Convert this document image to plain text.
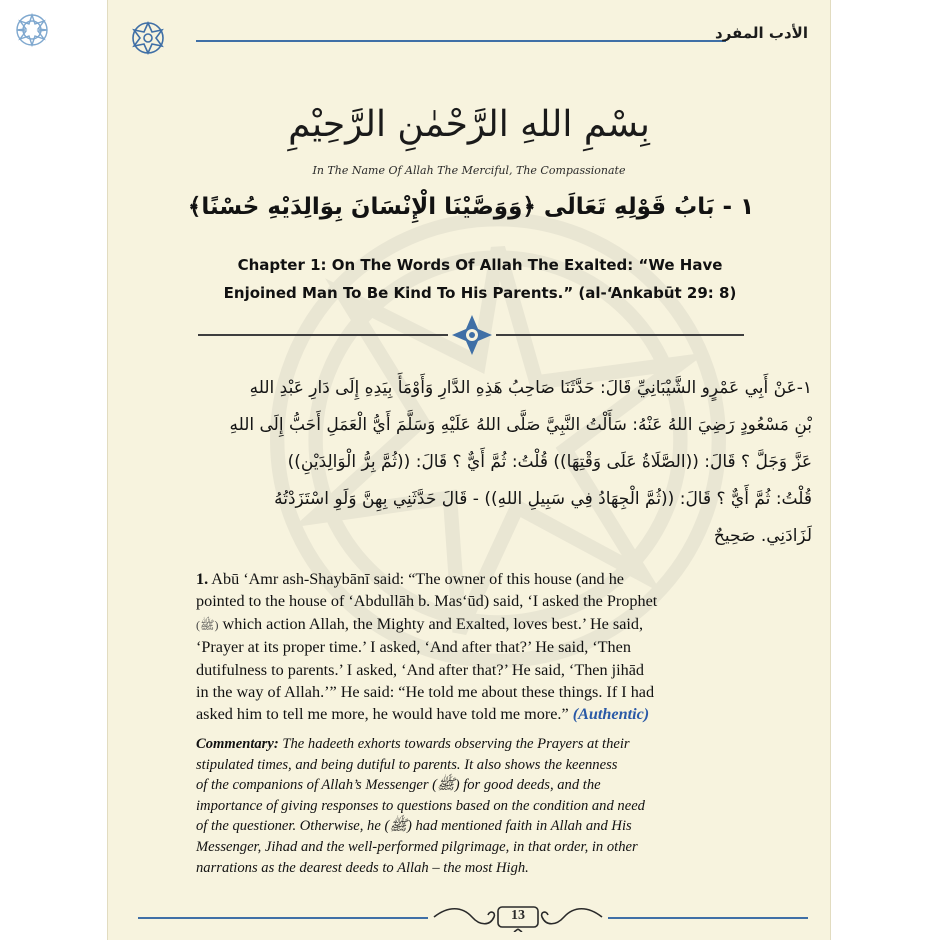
الأدب المفرد
بِسْمِ اللهِ الرَّحْمٰنِ الرَّحِيْمِ
In The Name Of Allah The Merciful, The Compassionate
١ - بَابُ قَوْلِهِ تَعَالَى ﴿وَوَصَّيْنَا الْإِنْسَانَ بِوَالِدَيْهِ حُسْنًا﴾
Chapter 1: On The Words Of Allah The Exalted: “We Have
Enjoined Man To Be Kind To His Parents.” (al-‘Ankabūt 29: 8)
١-عَنْ أَبِي عَمْرٍو الشَّيْبَانِيِّ قَالَ: حَدَّثَنَا صَاحِبُ هَذِهِ الدَّارِ وَأَوْمَأَ بِيَدِهِ إِلَى دَارِ عَبْدِ اللهِ
بْنِ مَسْعُودٍ رَضِيَ اللهُ عَنْهُ: سَأَلْتُ النَّبِيَّ صَلَّى اللهُ عَلَيْهِ وَسَلَّمَ أَيُّ الْعَمَلِ أَحَبُّ إِلَى اللهِ
عَزَّ وَجَلَّ ؟ قَالَ: ((الصَّلَاةُ عَلَى وَقْتِهَا)) قُلْتُ: ثُمَّ أَيٌّ ؟ قَالَ: ((ثُمَّ بِرُّ الْوَالِدَيْنِ))
قُلْتُ: ثُمَّ أَيٌّ ؟ قَالَ: ((ثُمَّ الْجِهَادُ فِي سَبِيلِ اللهِ)) - قَالَ حَدَّثَنِي بِهِنَّ وَلَوِ اسْتَزَدْتُهُ
لَزَادَنِي. صَحِيحٌ
1. Abū ‘Amr ash-Shaybānī said: “The owner of this house (and he
pointed to the house of ‘Abdullāh b. Mas‘ūd) said, ‘I asked the Prophet
(ﷺ) which action Allah, the Mighty and Exalted, loves best.’ He said,
‘Prayer at its proper time.’ I asked, ‘And after that?’ He said, ‘Then
dutifulness to parents.’ I asked, ‘And after that?’ He said, ‘Then jihād
in the way of Allah.’” He said: “He told me about these things. If I had
asked him to tell me more, he would have told me more.” (Authentic)
Commentary: The hadeeth exhorts towards observing the Prayers at their
stipulated times, and being dutiful to parents. It also shows the keenness
of the companions of Allah’s Messenger (ﷺ) for good deeds, and the
importance of giving responses to questions based on the condition and need
of the questioner. Otherwise, he (ﷺ) had mentioned faith in Allah and His
Messenger, Jihad and the well-performed pilgrimage, in that order, in other
narrations as the dearest deeds to Allah – the most High.
13
